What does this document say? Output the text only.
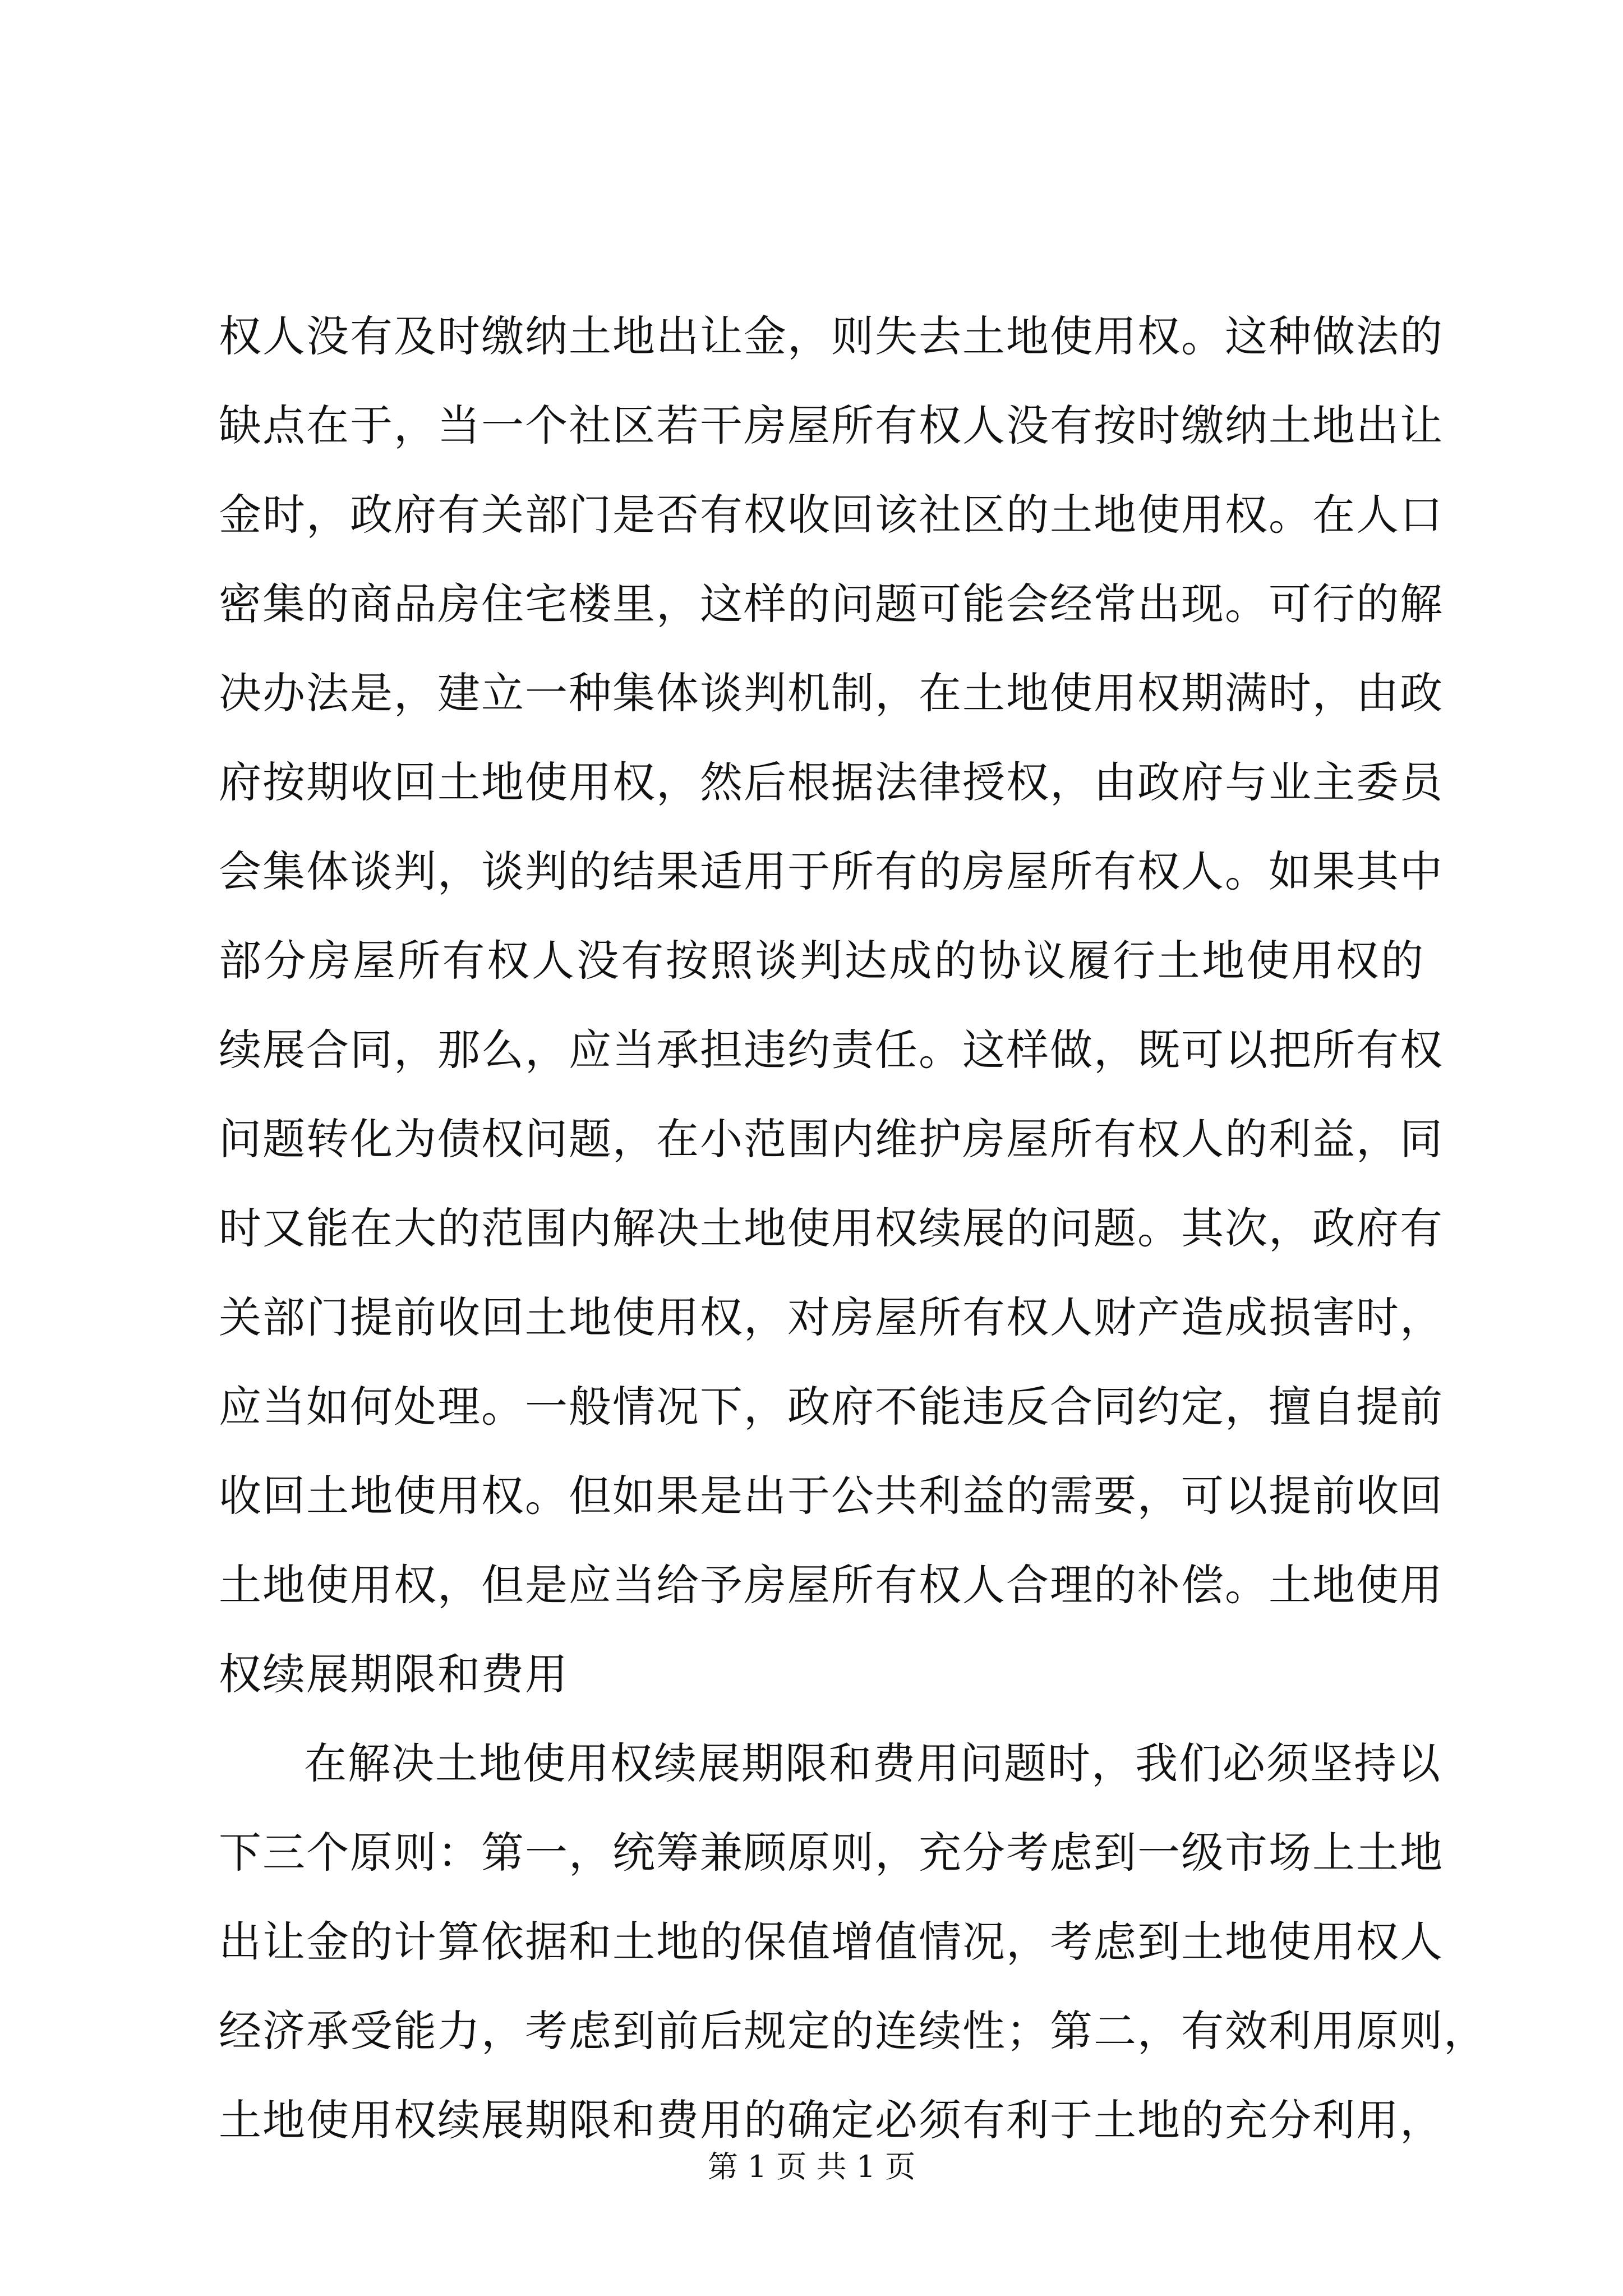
权人没有及时缴纳土地出让金，则失去土地使用权。这种做法的
缺点在于，当一个社区若干房屋所有权人没有按时缴纳土地出让
金时，政府有关部门是否有权收回该社区的土地使用权。在人口
密集的商品房住宅楼里，这样的问题可能会经常出现。可行的解
决办法是，建立一种集体谈判机制，在土地使用权期满时，由政
府按期收回土地使用权，然后根据法律授权，由政府与业主委员
会集体谈判，谈判的结果适用于所有的房屋所有权人。如果其中
部分房屋所有权人没有按照谈判达成的协议履行土地使用权的
续展合同，那么，应当承担违约责任。这样做，既可以把所有权
问题转化为债权问题，在小范围内维护房屋所有权人的利益，同
时又能在大的范围内解决土地使用权续展的问题。其次，政府有
关部门提前收回土地使用权，对房屋所有权人财产造成损害时，
应当如何处理。一般情况下，政府不能违反合同约定，擅自提前
收回土地使用权。但如果是出于公共利益的需要，可以提前收回
土地使用权，但是应当给予房屋所有权人合理的补偿。土地使用
权续展期限和费用
在解决土地使用权续展期限和费用问题时，我们必须坚持以
下三个原则：第一，统筹兼顾原则，充分考虑到一级市场上土地
出让金的计算依据和土地的保值增值情况，考虑到土地使用权人
经济承受能力，考虑到前后规定的连续性；第二，有效利用原则，
土地使用权续展期限和费用的确定必须有利于土地的充分利用，
第 1 页 共 1 页
